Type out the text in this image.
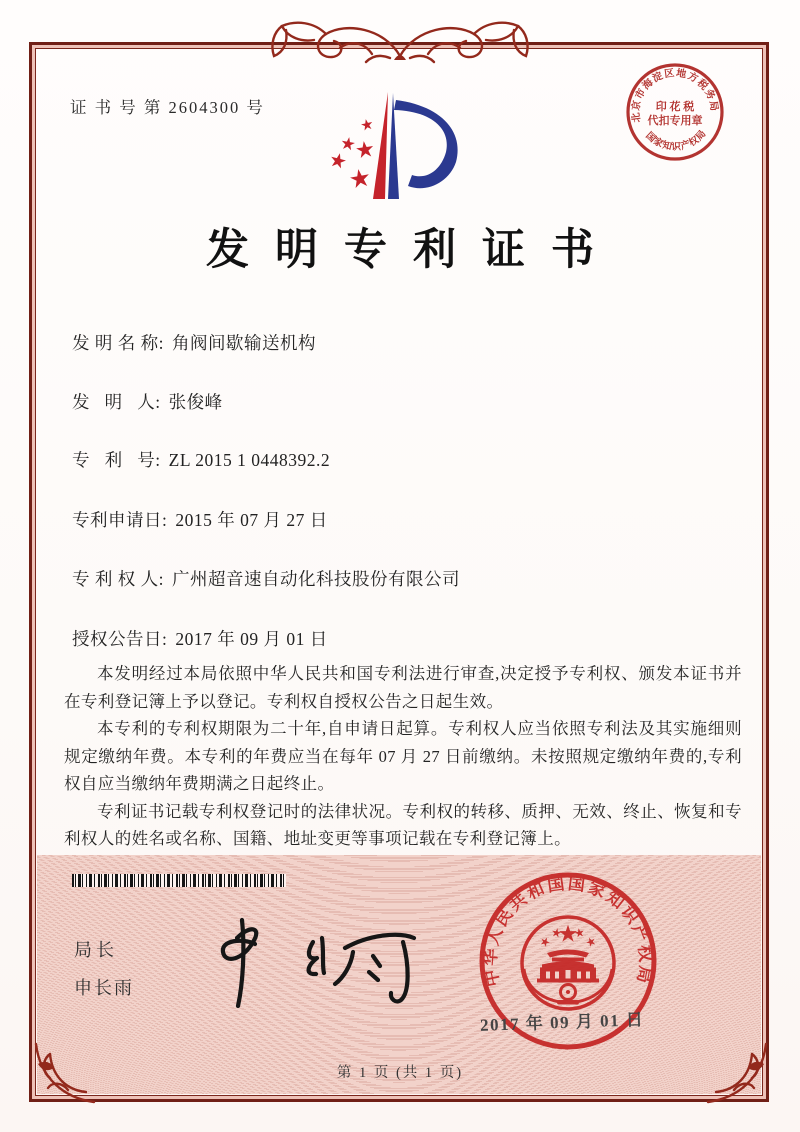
证 书 号 第 2604300 号	北京市海淀区地方税务局
国家知识产权局
印 花 税
代扣专用章
发明专利证书
发 明 名 称: 角阀间歇输送机构
发   明   人: 张俊峰
专   利   号: ZL 2015 1 0448392.2
专利申请日: 2015 年 07 月 27 日
专 利 权 人: 广州超音速自动化科技股份有限公司
授权公告日: 2017 年 09 月 01 日

本发明经过本局依照中华人民共和国专利法进行审查,决定授予专利权、颁发本证书并在专利登记簿上予以登记。专利权自授权公告之日起生效。

本专利的专利权期限为二十年,自申请日起算。专利权人应当依照专利法及其实施细则规定缴纳年费。本专利的年费应当在每年 07 月 27 日前缴纳。未按照规定缴纳年费的,专利权自应当缴纳年费期满之日起终止。

专利证书记载专利权登记时的法律状况。专利权的转移、质押、无效、终止、恢复和专利权人的姓名或名称、国籍、地址变更等事项记载在专利登记簿上。

局长
申长雨	中华人民共和国国家知识产权局
2017 年 09 月 01 日
第 1 页 (共 1 页)
